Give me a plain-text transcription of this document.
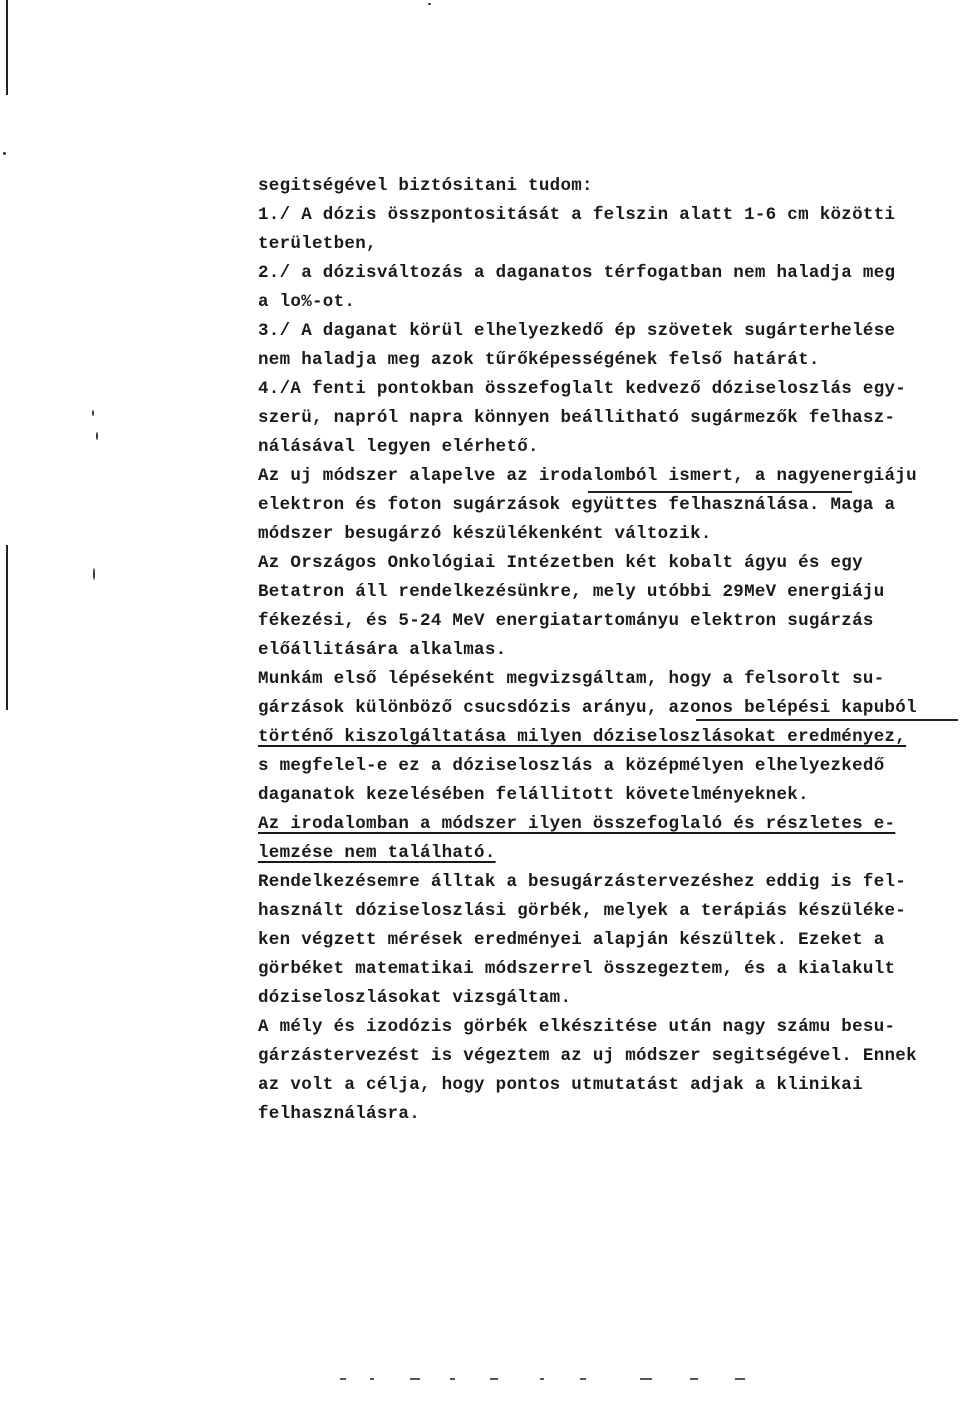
segitségével biztósitani tudom:
1./ A dózis összpontositását a felszin alatt 1-6 cm közötti
területben,
2./ a dózisváltozás a daganatos térfogatban nem haladja meg
a lo%-ot.
3./ A daganat körül elhelyezkedő ép szövetek sugárterhelése
nem haladja meg azok tűrőképességének felső határát.
4./A fenti pontokban összefoglalt kedvező dóziseloszlás egy-
szerü, napról napra könnyen beállitható sugármezők felhasz-
nálásával legyen elérhető.
Az uj módszer alapelve az irodalomból ismert, a nagyenergiáju
elektron és foton sugárzások együttes felhasználása. Maga a
módszer besugárzó készülékenként változik.
Az Országos Onkológiai Intézetben két kobalt ágyu és egy
Betatron áll rendelkezésünkre, mely utóbbi 29MeV energiáju
fékezési, és 5-24 MeV energiatartományu elektron sugárzás
előállitására alkalmas.
Munkám első lépéseként megvizsgáltam, hogy a felsorolt su-
gárzások különböző csucsdózis arányu, azonos belépési kapuból
történő kiszolgáltatása milyen dóziseloszlásokat eredményez,
s megfelel-e ez a dóziseloszlás a középmélyen elhelyezkedő
daganatok kezelésében felállitott követelményeknek.
Az irodalomban a módszer ilyen összefoglaló és részletes e-
lemzése nem található.
Rendelkezésemre álltak a besugárzástervezéshez eddig is fel-
használt dóziseloszlási görbék, melyek a terápiás készüléke-
ken végzett mérések eredményei alapján készültek. Ezeket a
görbéket matematikai módszerrel összegeztem, és a kialakult
dóziseloszlásokat vizsgáltam.
A mély és izodózis görbék elkészitése után nagy számu besu-
gárzástervezést is végeztem az uj módszer segitségével. Ennek
az volt a célja, hogy pontos utmutatást adjak a klinikai
felhasználásra.
